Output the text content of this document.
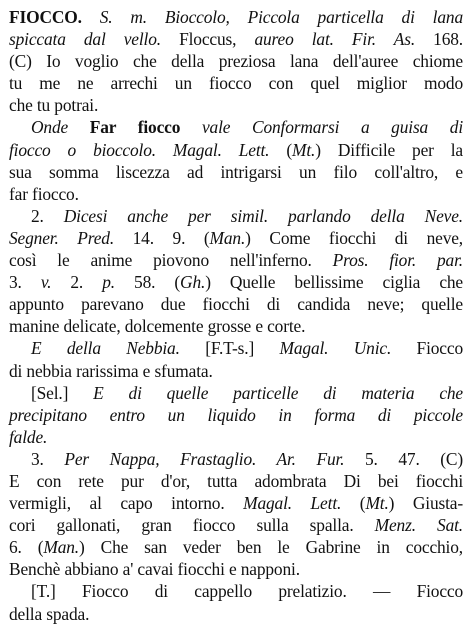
FIOCCO. S. m. Bioccolo, Piccola particella di lana
spiccata dal vello. Floccus, aureo lat. Fir. As. 168.
(C) Io voglio che della preziosa lana dell'auree chiome
tu me ne arrechi un fiocco con quel miglior modo
che tu potrai.
Onde Far fiocco vale Conformarsi a guisa di
fiocco o bioccolo. Magal. Lett. (Mt.) Difficile per la
sua somma liscezza ad intrigarsi un filo coll'altro, e
far fiocco.
2. Dicesi anche per simil. parlando della Neve.
Segner. Pred. 14. 9. (Man.) Come fiocchi di neve,
così le anime piovono nell'inferno. Pros. fior. par.
3. v. 2. p. 58. (Gh.) Quelle bellissime ciglia che
appunto parevano due fiocchi di candida neve; quelle
manine delicate, dolcemente grosse e corte.
E della Nebbia. [F.T-s.] Magal. Unic. Fiocco
di nebbia rarissima e sfumata.
[Sel.] E di quelle particelle di materia che
precipitano entro un liquido in forma di piccole
falde.
3. Per Nappa, Frastaglio. Ar. Fur. 5. 47. (C)
E con rete pur d'or, tutta adombrata Di bei fiocchi
vermigli, al capo intorno. Magal. Lett. (Mt.) Giusta-
cori gallonati, gran fiocco sulla spalla. Menz. Sat.
6. (Man.) Che san veder ben le Gabrine in cocchio,
Benchè abbiano a' cavai fiocchi e napponi.
[T.] Fiocco di cappello prelatizio. — Fiocco
della spada.
